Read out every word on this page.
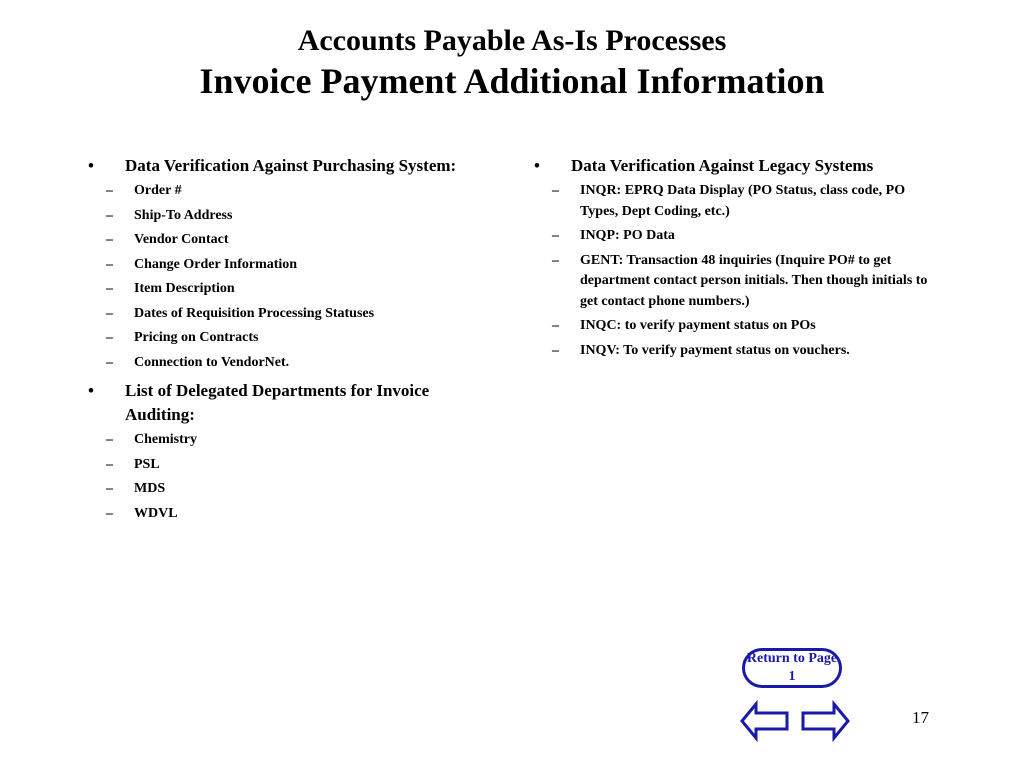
Accounts Payable As-Is Processes
Invoice Payment Additional Information
• Data Verification Against Purchasing System:
– Order #
– Ship-To Address
– Vendor Contact
– Change Order Information
– Item Description
– Dates of Requisition Processing Statuses
– Pricing on Contracts
– Connection to VendorNet.
• List of Delegated Departments for Invoice Auditing:
– Chemistry
– PSL
– MDS
– WDVL
• Data Verification Against Legacy Systems
– INQR: EPRQ Data Display (PO Status, class code, PO Types, Dept Coding, etc.)
– INQP: PO Data
– GENT: Transaction 48 inquiries (Inquire PO# to get department contact person initials. Then though initials to get contact phone numbers.)
– INQC: to verify payment status on POs
– INQV: To verify payment status on vouchers.
Return to Page 1
17
